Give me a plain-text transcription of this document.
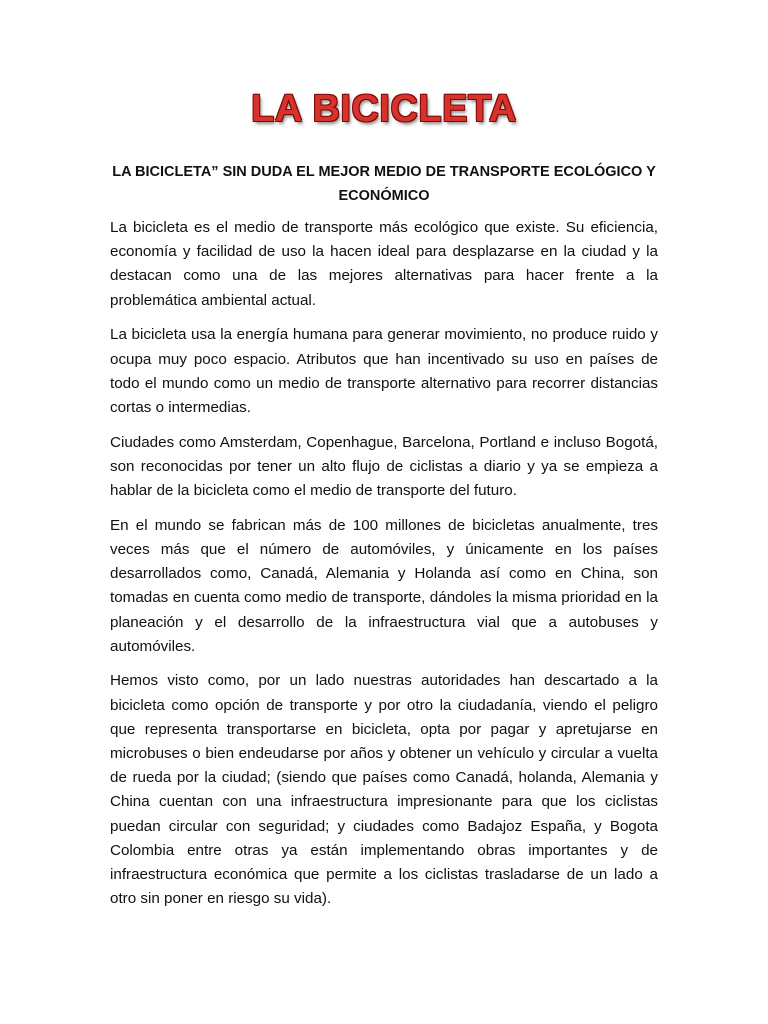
LA BICICLETA
LA BICICLETA” SIN DUDA EL MEJOR MEDIO DE TRANSPORTE ECOLÓGICO Y ECONÓMICO

La bicicleta es el medio de transporte más ecológico que existe. Su eficiencia, economía y facilidad de uso la hacen ideal para desplazarse en la ciudad y la destacan como una de las mejores alternativas para hacer frente a la problemática ambiental actual.

La bicicleta usa la energía humana para generar movimiento, no produce ruido y ocupa muy poco espacio. Atributos que han incentivado su uso en países de todo el mundo como un medio de transporte alternativo para recorrer distancias cortas o intermedias.

Ciudades como Amsterdam, Copenhague, Barcelona, Portland e incluso Bogotá, son reconocidas por tener un alto flujo de ciclistas a diario y ya se empieza a hablar de la bicicleta como el medio de transporte del futuro.

En el mundo se fabrican más de 100 millones de bicicletas anualmente, tres veces más que el número de automóviles, y únicamente en los países desarrollados como, Canadá, Alemania y Holanda así como en China, son tomadas en cuenta como medio de transporte, dándoles la misma prioridad en la planeación y el desarrollo de la infraestructura vial que a autobuses y automóviles.

Hemos visto como, por un lado nuestras autoridades han descartado a la bicicleta como opción de transporte y por otro la ciudadanía, viendo el peligro que representa transportarse en bicicleta, opta por pagar y apretujarse en microbuses o bien endeudarse por años y obtener un vehículo y circular a vuelta de rueda por la ciudad; (siendo que países como Canadá, holanda, Alemania y China cuentan con una infraestructura impresionante para que los ciclistas puedan circular con seguridad; y ciudades como Badajoz España, y Bogota Colombia entre otras ya están implementando obras importantes y de infraestructura económica que permite a los ciclistas trasladarse de un lado a otro sin poner en riesgo su vida).
